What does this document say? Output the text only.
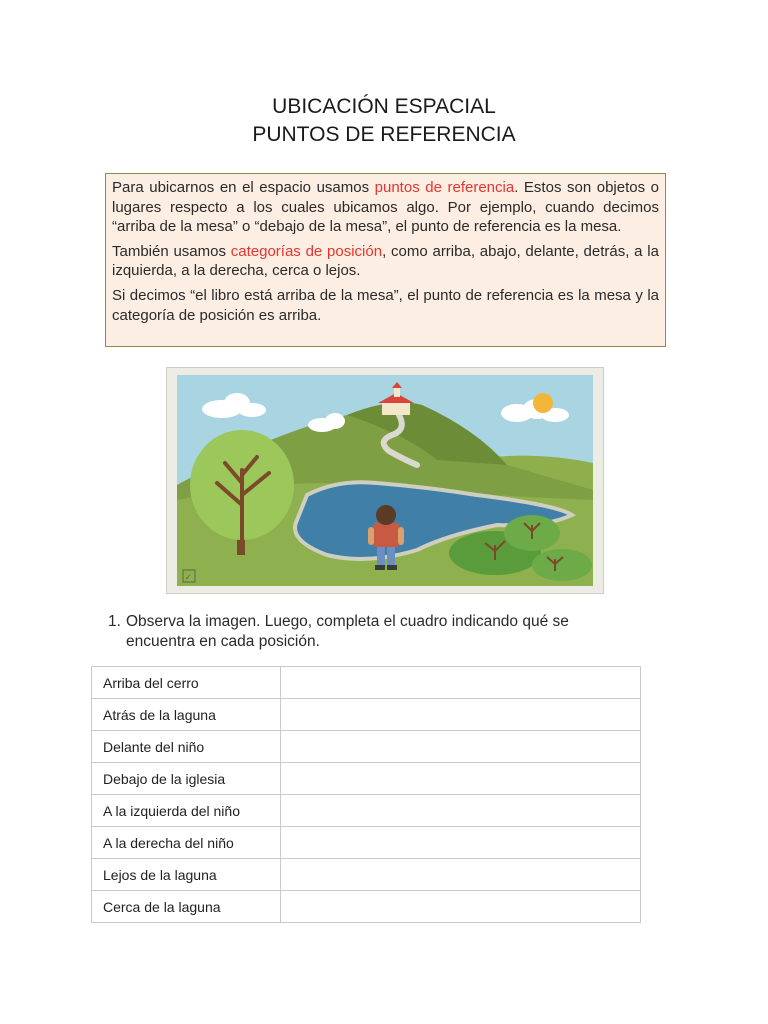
UBICACIÓN ESPACIAL
PUNTOS DE REFERENCIA

Para ubicarnos en el espacio usamos puntos de referencia. Estos son objetos o lugares respecto a los cuales ubicamos algo. Por ejemplo, cuando decimos “arriba de la mesa” o “debajo de la mesa”, el punto de referencia es la mesa.

También usamos categorías de posición, como arriba, abajo, delante, detrás, a la izquierda, a la derecha, cerca o lejos.

Si decimos “el libro está arriba de la mesa”, el punto de referencia es la mesa y la categoría de posición es arriba.

✓
1. Observa la imagen. Luego, completa el cuadro indicando qué se encuentra en cada posición.
Arriba del cerro	
Atrás de la laguna	
Delante del niño	
Debajo de la iglesia	
A la izquierda del niño	
A la derecha del niño	
Lejos de la laguna	
Cerca de la laguna	
